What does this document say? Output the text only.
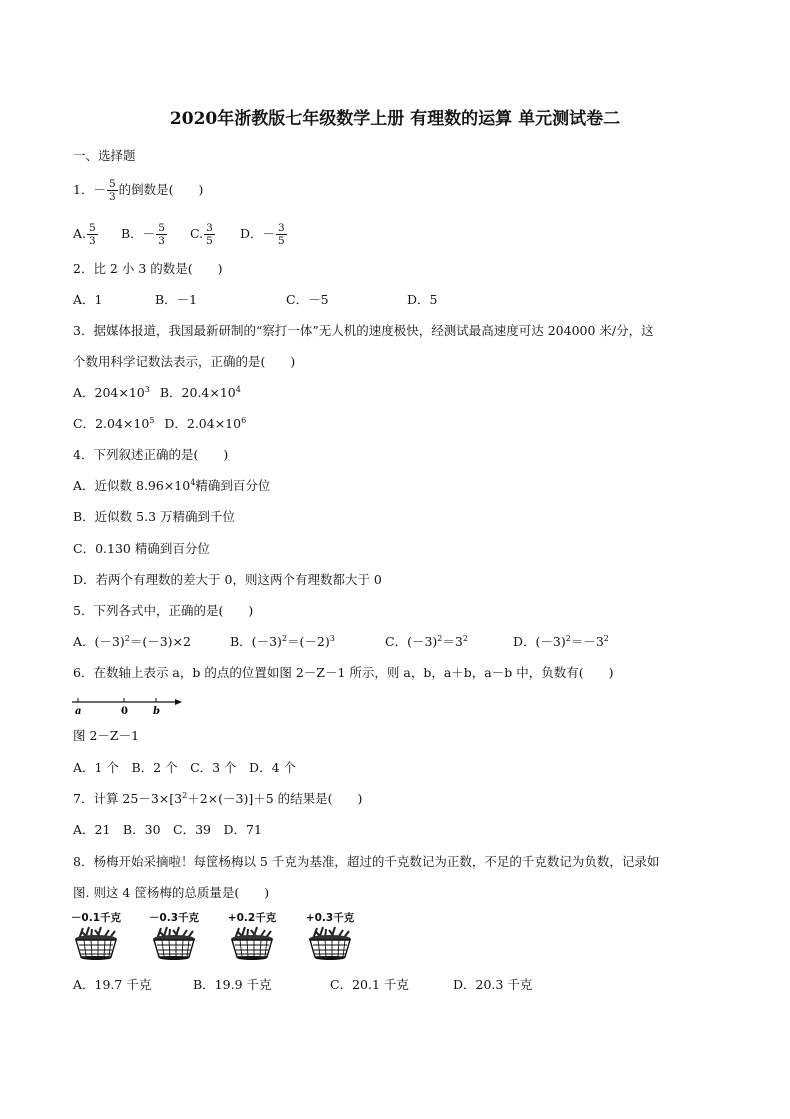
2020年浙教版七年级数学上册 有理数的运算 单元测试卷二
一、选择题
1．－ $\frac{5}{3}$ 的倒数是(　　)
A. $\frac{5}{3}$ B．－ $\frac{5}{3} C$. $\frac{3}{5}$ D．－ $\frac{3}{5}$
2．比 2 小 3 的数是(　　)
A．1	B．－1	C．－5	D．5
3．据媒体报道，我国最新研制的“察打一体”无人机的速度极快，经测试最高速度可达 204000 米/分，这
个数用科学记数法表示，正确的是(　　)
A．$204\times 10^3$ B．$20.4\times 10^4$
C．$2.04\times 10^5$ D．$2.04\times 10^6$
4．下列叙述正确的是(　　)
A．近似数 $8.96\times 10^4$精确到百分位
B．近似数 5.3 万精确到千位
C．0.130 精确到百分位
D．若两个有理数的差大于 0，则这两个有理数都大于 0
5．下列各式中，正确的是(　　)
A．$(-3)^2=(-3)\times 2$	B．$(-3)^2=(-2)^3$	C．$(-3)^2=3^2$	D．$(-3)^2=-3^2$
6．在数轴上表示 a，b 的点的位置如图 2－Z－1 所示，则 a，b，a＋b，a－b 中，负数有(　　)
a	0	b
图 2－Z－1
A．1 个　B．2 个　C．3 个　D．4 个
7．计算 $25-3\times[3^2+2\times(-3)]+5$ 的结果是(　　)
A．21　B．30　C．39　D．71
8．杨梅开始采摘啦！每筐杨梅以 5 千克为基准，超过的千克数记为正数，不足的千克数记为负数，记录如
图. 则这 4 筐杨梅的总质量是(　　)
－0.1千克	－0.3千克	+0.2千克	+0.3千克
A．19.7 千克	B．19.9 千克	C．20.1 千克	D．20.3 千克
